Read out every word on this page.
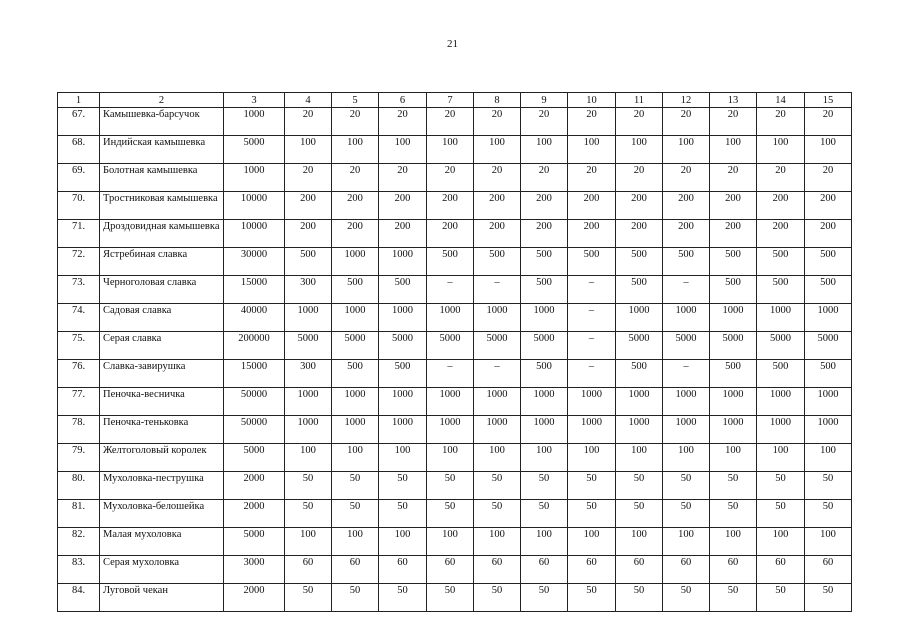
21
1	2	3	4	5	6	7	8	9	10	11	12	13	14	15
67.	Камышевка-барсучок	1000	20	20	20	20	20	20	20	20	20	20	20	20
68.	Индийская камышевка	5000	100	100	100	100	100	100	100	100	100	100	100	100
69.	Болотная камышевка	1000	20	20	20	20	20	20	20	20	20	20	20	20
70.	Тростниковая камышевка	10000	200	200	200	200	200	200	200	200	200	200	200	200
71.	Дроздовидная камышевка	10000	200	200	200	200	200	200	200	200	200	200	200	200
72.	Ястребиная славка	30000	500	1000	1000	500	500	500	500	500	500	500	500	500
73.	Черноголовая славка	15000	300	500	500	–	–	500	–	500	–	500	500	500
74.	Садовая славка	40000	1000	1000	1000	1000	1000	1000	–	1000	1000	1000	1000	1000
75.	Серая славка	200000	5000	5000	5000	5000	5000	5000	–	5000	5000	5000	5000	5000
76.	Славка-завирушка	15000	300	500	500	–	–	500	–	500	–	500	500	500
77.	Пеночка-весничка	50000	1000	1000	1000	1000	1000	1000	1000	1000	1000	1000	1000	1000
78.	Пеночка-теньковка	50000	1000	1000	1000	1000	1000	1000	1000	1000	1000	1000	1000	1000
79.	Желтоголовый королек	5000	100	100	100	100	100	100	100	100	100	100	100	100
80.	Мухоловка-пеструшка	2000	50	50	50	50	50	50	50	50	50	50	50	50
81.	Мухоловка-белошейка	2000	50	50	50	50	50	50	50	50	50	50	50	50
82.	Малая мухоловка	5000	100	100	100	100	100	100	100	100	100	100	100	100
83.	Серая мухоловка	3000	60	60	60	60	60	60	60	60	60	60	60	60
84.	Луговой чекан	2000	50	50	50	50	50	50	50	50	50	50	50	50
